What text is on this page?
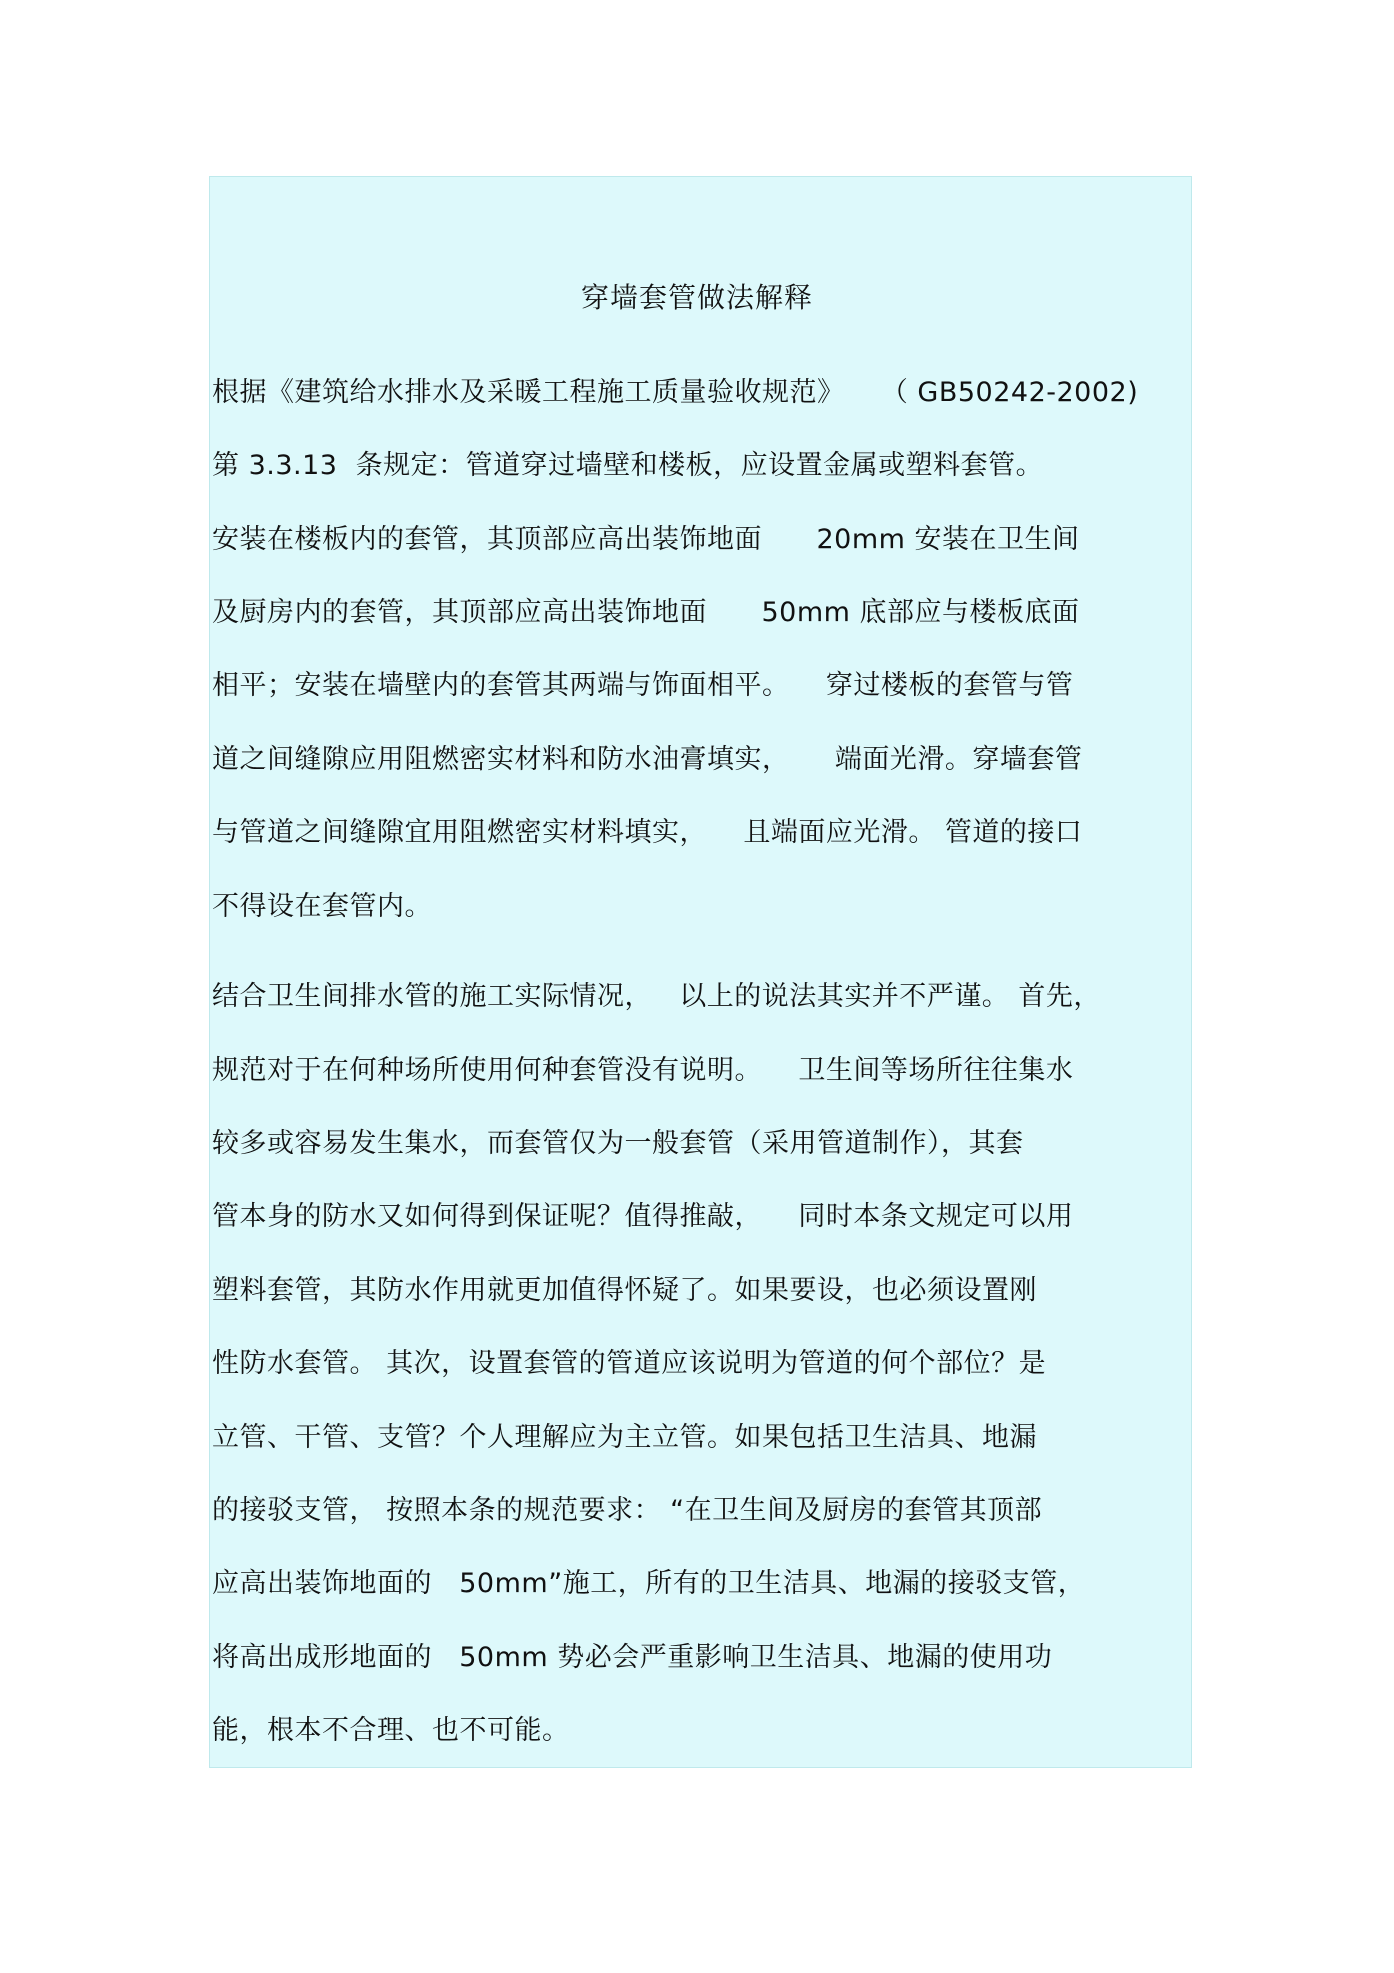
穿墙套管做法解释
根据《建筑给水排水及采暖工程施工质量验收规范》    （ GB50242-2002)
第 3.3.13  条规定：管道穿过墙壁和楼板，应设置金属或塑料套管。
安装在楼板内的套管，其顶部应高出装饰地面      20mm 安装在卫生间
及厨房内的套管，其顶部应高出装饰地面      50mm 底部应与楼板底面
相平；安装在墙壁内的套管其两端与饰面相平。    穿过楼板的套管与管
道之间缝隙应用阻燃密实材料和防水油膏填实，     端面光滑。穿墙套管
与管道之间缝隙宜用阻燃密实材料填实，    且端面应光滑。 管道的接口
不得设在套管内。
结合卫生间排水管的施工实际情况，   以上的说法其实并不严谨。 首先，
规范对于在何种场所使用何种套管没有说明。    卫生间等场所往往集水
较多或容易发生集水，而套管仅为一般套管（采用管道制作），其套
管本身的防水又如何得到保证呢？值得推敲，    同时本条文规定可以用
塑料套管，其防水作用就更加值得怀疑了。如果要设，也必须设置刚
性防水套管。 其次，设置套管的管道应该说明为管道的何个部位？是
立管、干管、支管？个人理解应为主立管。如果包括卫生洁具、地漏
的接驳支管， 按照本条的规范要求： “在卫生间及厨房的套管其顶部
应高出装饰地面的   50mm”施工，所有的卫生洁具、地漏的接驳支管，
将高出成形地面的   50mm 势必会严重影响卫生洁具、地漏的使用功
能，根本不合理、也不可能。
